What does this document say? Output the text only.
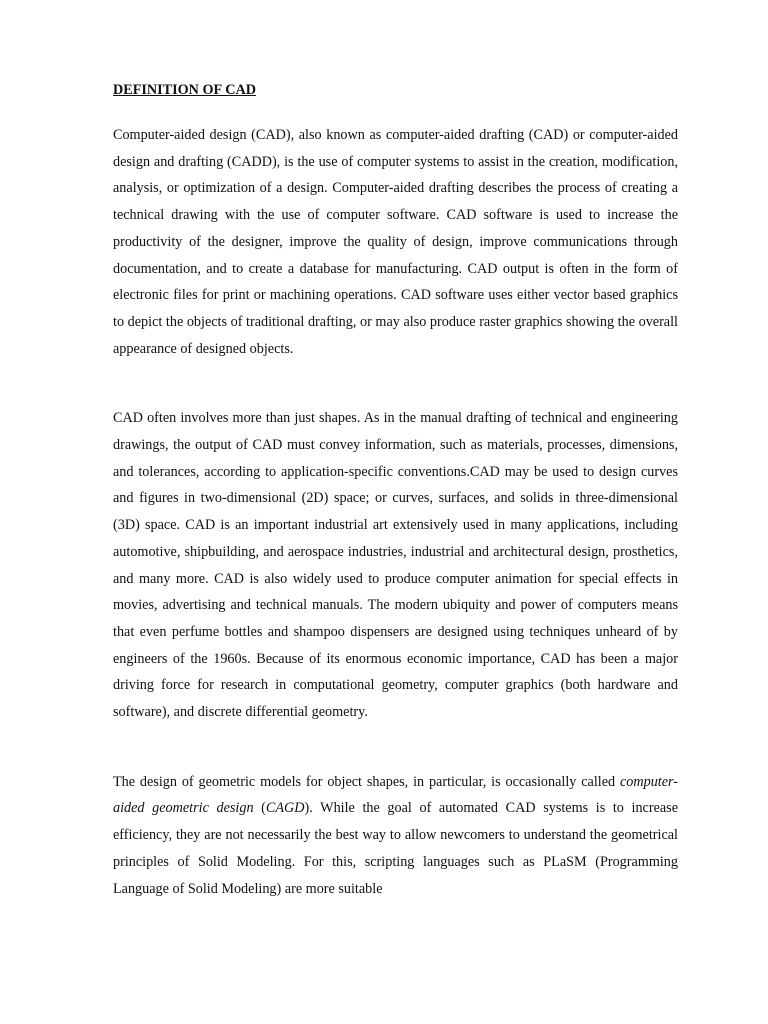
DEFINITION OF CAD

Computer-aided design (CAD), also known as computer-aided drafting (CAD) or computer-aided design and drafting (CADD), is the use of computer systems to assist in the creation, modification, analysis, or optimization of a design. Computer-aided drafting describes the process of creating a technical drawing with the use of computer software. CAD software is used to increase the productivity of the designer, improve the quality of design, improve communications through documentation, and to create a database for manufacturing. CAD output is often in the form of electronic files for print or machining operations. CAD software uses either vector based graphics to depict the objects of traditional drafting, or may also produce raster graphics showing the overall appearance of designed objects.

CAD often involves more than just shapes. As in the manual drafting of technical and engineering drawings, the output of CAD must convey information, such as materials, processes, dimensions, and tolerances, according to application-specific conventions.CAD may be used to design curves and figures in two-dimensional (2D) space; or curves, surfaces, and solids in three-dimensional (3D) space. CAD is an important industrial art extensively used in many applications, including automotive, shipbuilding, and aerospace industries, industrial and architectural design, prosthetics, and many more. CAD is also widely used to produce computer animation for special effects in movies, advertising and technical manuals. The modern ubiquity and power of computers means that even perfume bottles and shampoo dispensers are designed using techniques unheard of by engineers of the 1960s. Because of its enormous economic importance, CAD has been a major driving force for research in computational geometry, computer graphics (both hardware and software), and discrete differential geometry.

The design of geometric models for object shapes, in particular, is occasionally called computer-aided geometric design (CAGD). While the goal of automated CAD systems is to increase efficiency, they are not necessarily the best way to allow newcomers to understand the geometrical principles of Solid Modeling. For this, scripting languages such as PLaSM (Programming Language of Solid Modeling) are more suitable
